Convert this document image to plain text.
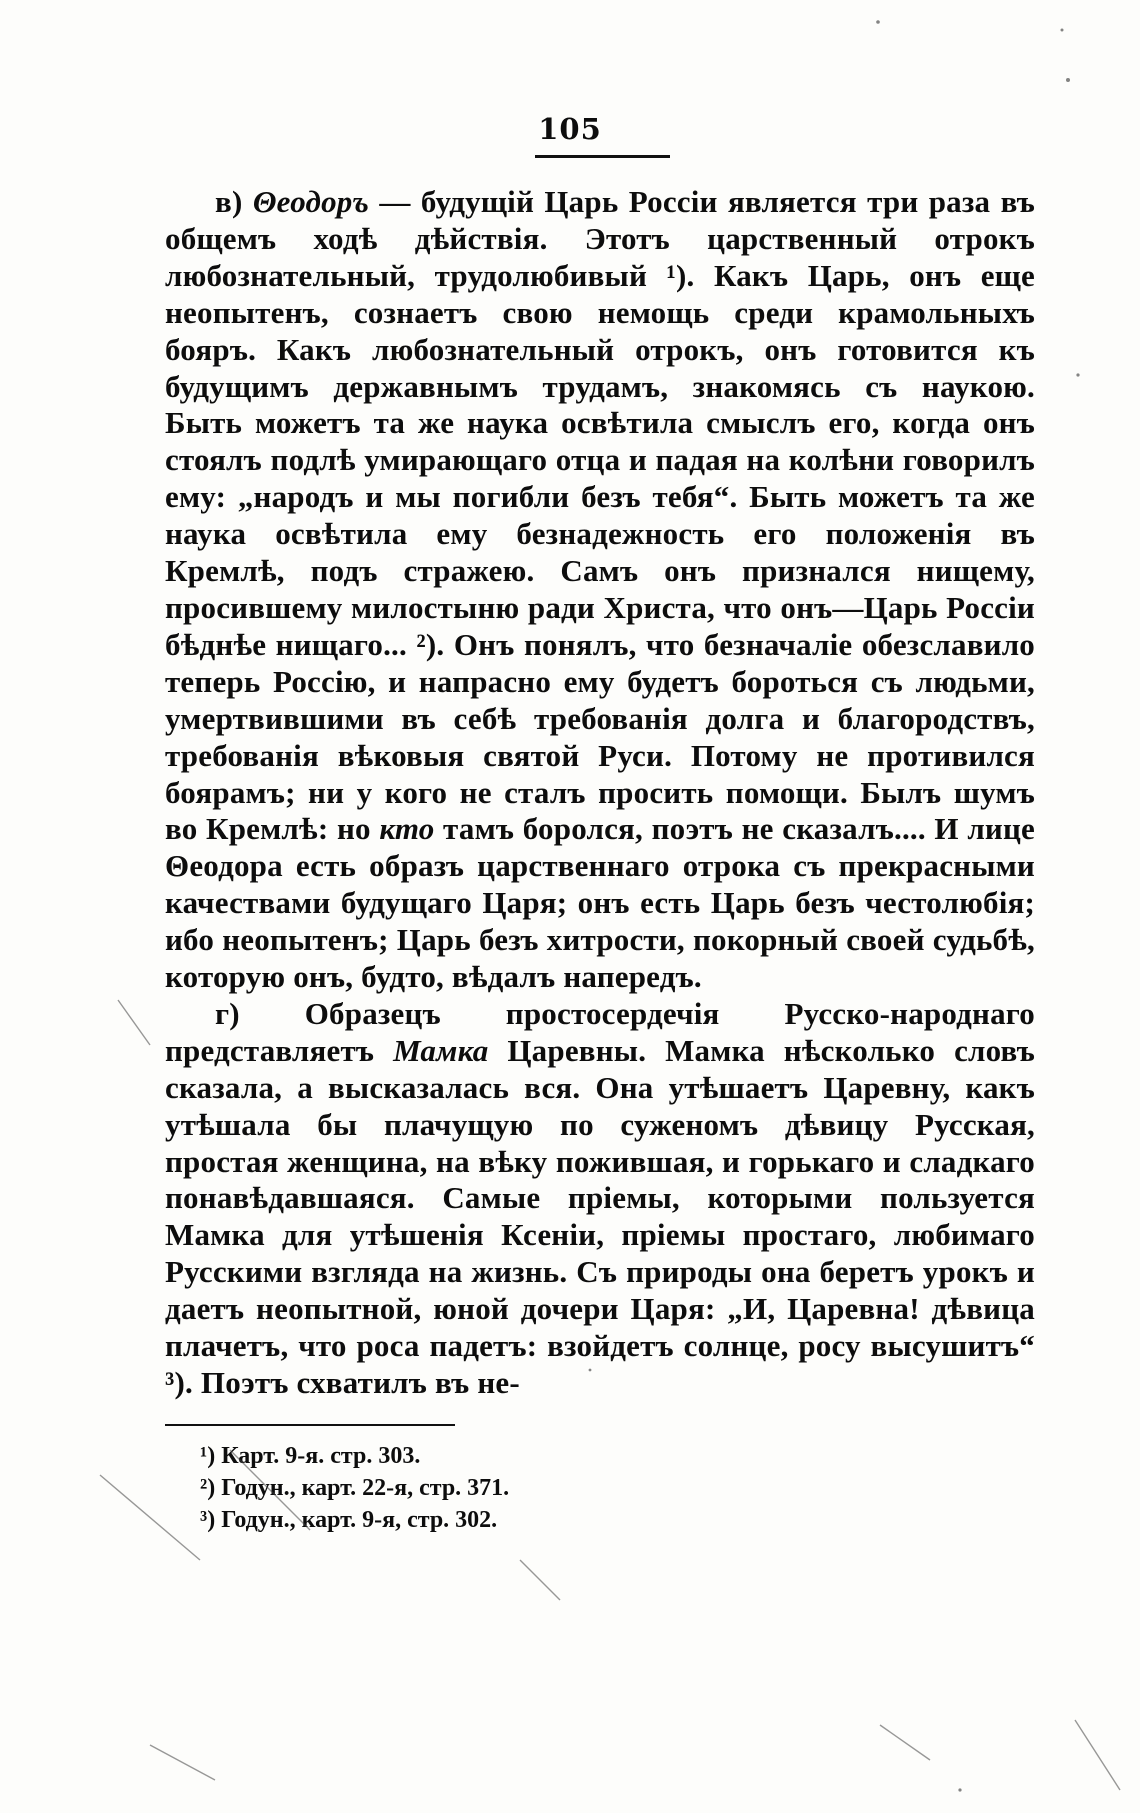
105

в) Θеодоръ — будущій Царь Россіи является три раза въ общемъ ходѣ дѣйствія. Этотъ царственный отрокъ любознательный, трудолюбивый ¹). Какъ Царь, онъ еще неопытенъ, сознаетъ свою немощь среди крамольныхъ бояръ. Какъ любознательный отрокъ, онъ готовится къ будущимъ державнымъ трудамъ, знакомясь съ наукою. Быть можетъ та же наука освѣтила смыслъ его, когда онъ стоялъ подлѣ умирающаго отца и падая на колѣни говорилъ ему: „народъ и мы погибли безъ тебя“. Быть можетъ та же наука освѣтила ему безнадежность его положенія въ Кремлѣ, подъ стражею. Самъ онъ признался нищему, просившему милостыню ради Христа, что онъ—Царь Россіи бѣднѣе нищаго... ²). Онъ понялъ, что безначаліе обезславило теперь Россію, и напрасно ему будетъ бороться съ людьми, умертвившими въ себѣ требованія долга и благородствъ, требованія вѣковыя святой Руси. Потому не противился боярамъ; ни у кого не сталъ просить помощи. Былъ шумъ во Кремлѣ: но кто тамъ боролся, поэтъ не сказалъ.... И лице Θеодора есть образъ царственнаго отрока съ прекрасными качествами будущаго Царя; онъ есть Царь безъ честолюбія; ибо неопытенъ; Царь безъ хитрости, покорный своей судьбѣ, которую онъ, будто, вѣдалъ напередъ.

г) Образецъ простосердечія Русско-народнаго представляетъ Мамка Царевны. Мамка нѣсколько словъ сказала, а высказалась вся. Она утѣшаетъ Царевну, какъ утѣшала бы плачущую по суженомъ дѣвицу Русская, простая женщина, на вѣку пожившая, и горькаго и сладкаго понавѣдавшаяся. Самые пріемы, которыми пользуется Мамка для утѣшенія Ксеніи, пріемы простаго, любимаго Русскими взгляда на жизнь. Съ природы она беретъ урокъ и даетъ неопытной, юной дочери Царя: „И, Царевна! дѣвица плачетъ, что роса падетъ: взойдетъ солнце, росу высушитъ“ ³). Поэтъ схватилъ въ не-

¹) Карт. 9-я. стр. 303.
²) Годун., карт. 22-я, стр. 371.
³) Годун., карт. 9-я, стр. 302.
